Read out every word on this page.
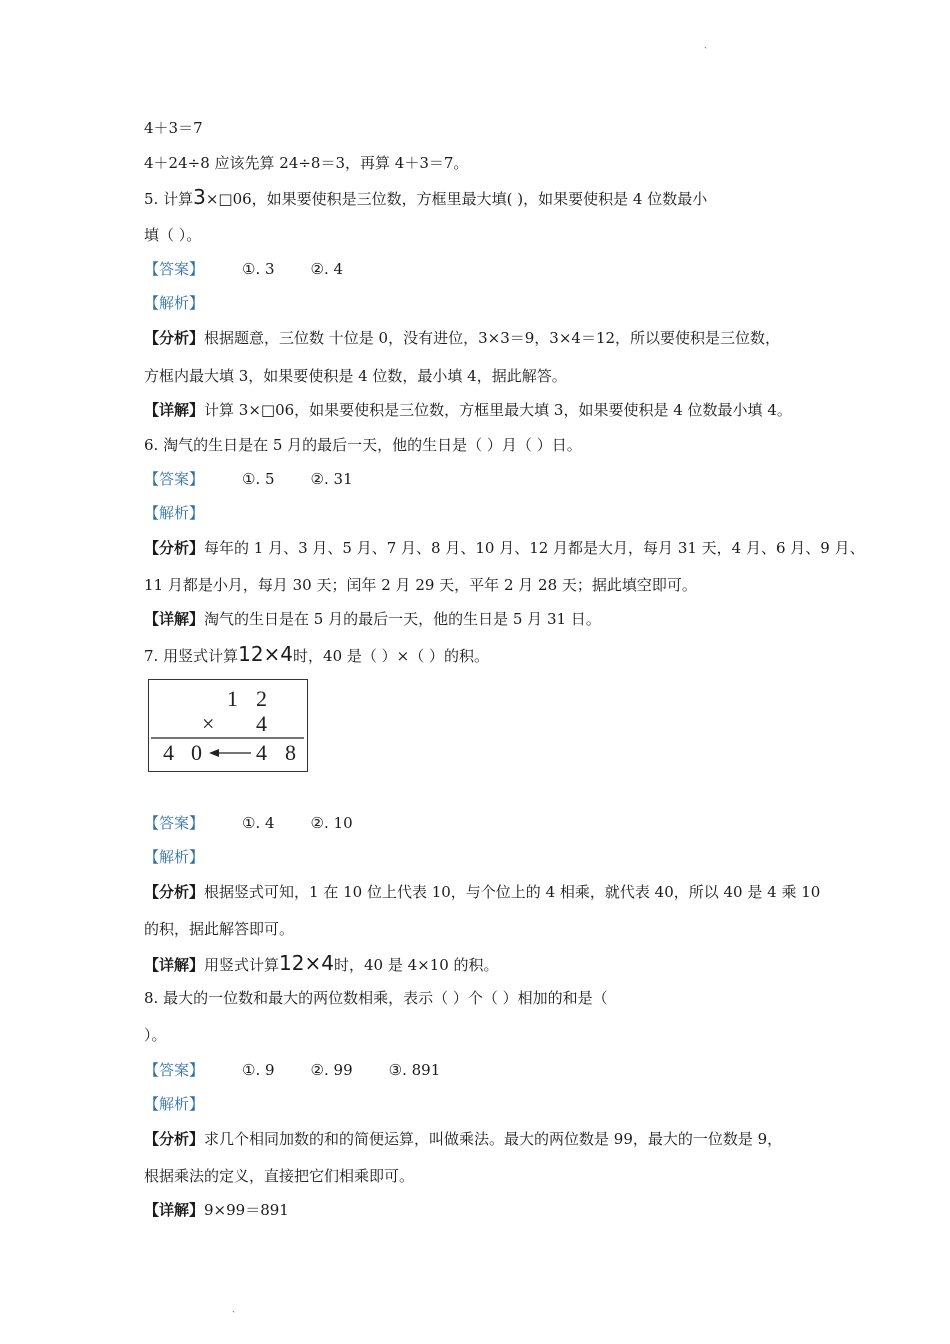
ˎ
4＋3＝7
4＋24÷8 应该先算 24÷8＝3，再算 4＋3＝7。
5. 计算3×□06，如果要使积是三位数，方框里最大填( )，如果要使积是 4 位数最小
填（ ）。
【答案】	①. 3 ②. 4
【解析】
【分析】根据题意，三位数 十位是 0，没有进位，3×3＝9，3×4＝12，所以要使积是三位数，
方框内最大填 3，如果要使积是 4 位数，最小填 4，据此解答。
【详解】计算 3×□06，如果要使积是三位数，方框里最大填 3，如果要使积是 4 位数最小填 4。
6. 淘气的生日是在 5 月的最后一天，他的生日是（ ）月（ ）日。
【答案】	①. 5 ②. 31
【解析】
【分析】每年的 1 月、3 月、5 月、7 月、8 月、10 月、12 月都是大月，每月 31 天，4 月、6 月、9 月、
11 月都是小月，每月 30 天；闰年 2 月 29 天，平年 2 月 28 天；据此填空即可。
【详解】淘气的生日是在 5 月的最后一天，他的生日是 5 月 31 日。
7. 用竖式计算12×4时，40 是（ ）×（ ）的积。
1 2
× 4
4 0 4 8
【答案】	①. 4 ②. 10
【解析】
【分析】根据竖式可知，1 在 10 位上代表 10，与个位上的 4 相乘，就代表 40，所以 40 是 4 乘 10
的积，据此解答即可。
【详解】用竖式计算12×4时，40 是 4×10 的积。
8. 最大的一位数和最大的两位数相乘，表示（ ）个（ ）相加的和是（
）。
【答案】	①. 9 ②. 99 ③. 891
【解析】
【分析】求几个相同加数的和的简便运算，叫做乘法。最大的两位数是 99，最大的一位数是 9，
根据乘法的定义，直接把它们相乘即可。
【详解】9×99＝891
ˎ
